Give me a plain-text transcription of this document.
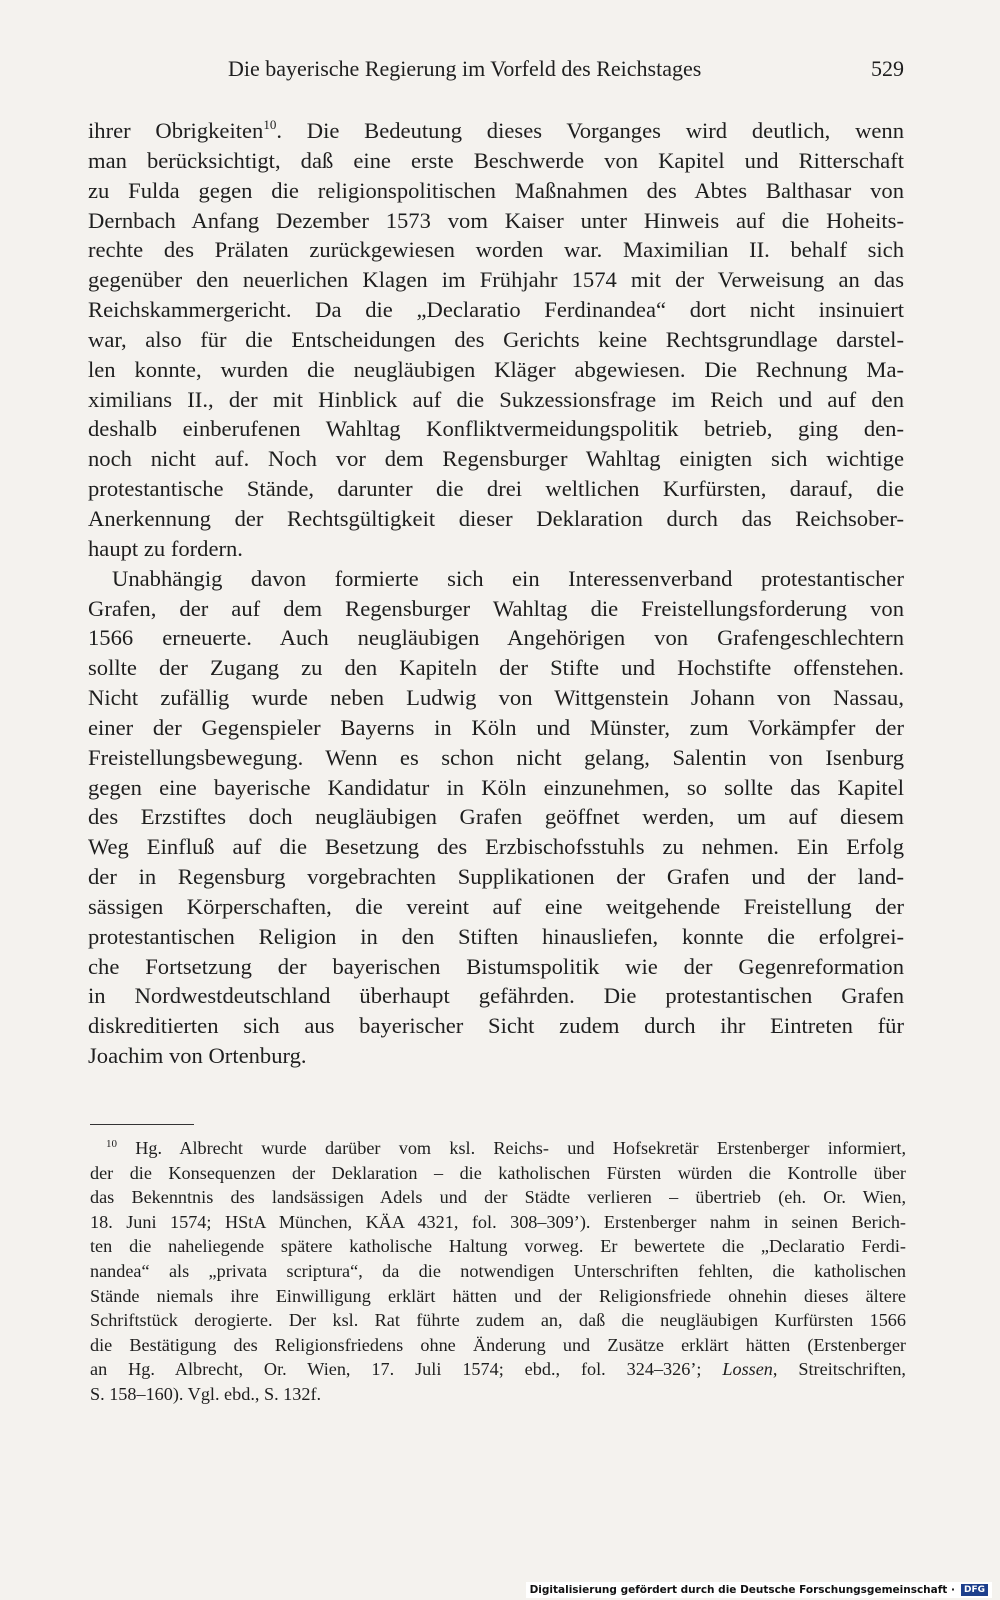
Die bayerische Regierung im Vorfeld des Reichstages	529

ihrer Obrigkeiten$^{10}$. Die Bedeutung dieses Vorganges wird deutlich, wenn
man berücksichtigt, daß eine erste Beschwerde von Kapitel und Ritterschaft
zu Fulda gegen die religionspolitischen Maßnahmen des Abtes Balthasar von
Dernbach Anfang Dezember 1573 vom Kaiser unter Hinweis auf die Hoheits-
rechte des Prälaten zurückgewiesen worden war. Maximilian II. behalf sich
gegenüber den neuerlichen Klagen im Frühjahr 1574 mit der Verweisung an das
Reichskammergericht. Da die „Declaratio Ferdinandea“ dort nicht insinuiert
war, also für die Entscheidungen des Gerichts keine Rechtsgrundlage darstel-
len konnte, wurden die neugläubigen Kläger abgewiesen. Die Rechnung Ma-
ximilians II., der mit Hinblick auf die Sukzessionsfrage im Reich und auf den
deshalb einberufenen Wahltag Konfliktvermeidungspolitik betrieb, ging den-
noch nicht auf. Noch vor dem Regensburger Wahltag einigten sich wichtige
protestantische Stände, darunter die drei weltlichen Kurfürsten, darauf, die
Anerkennung der Rechtsgültigkeit dieser Deklaration durch das Reichsober-
haupt zu fordern.

Unabhängig davon formierte sich ein Interessenverband protestantischer
Grafen, der auf dem Regensburger Wahltag die Freistellungsforderung von
1566 erneuerte. Auch neugläubigen Angehörigen von Grafengeschlechtern
sollte der Zugang zu den Kapiteln der Stifte und Hochstifte offenstehen.
Nicht zufällig wurde neben Ludwig von Wittgenstein Johann von Nassau,
einer der Gegenspieler Bayerns in Köln und Münster, zum Vorkämpfer der
Freistellungsbewegung. Wenn es schon nicht gelang, Salentin von Isenburg
gegen eine bayerische Kandidatur in Köln einzunehmen, so sollte das Kapitel
des Erzstiftes doch neugläubigen Grafen geöffnet werden, um auf diesem
Weg Einfluß auf die Besetzung des Erzbischofsstuhls zu nehmen. Ein Erfolg
der in Regensburg vorgebrachten Supplikationen der Grafen und der land-
sässigen Körperschaften, die vereint auf eine weitgehende Freistellung der
protestantischen Religion in den Stiften hinausliefen, konnte die erfolgrei-
che Fortsetzung der bayerischen Bistumspolitik wie der Gegenreformation
in Nordwestdeutschland überhaupt gefährden. Die protestantischen Grafen
diskreditierten sich aus bayerischer Sicht zudem durch ihr Eintreten für
Joachim von Ortenburg.

$^{10}$ Hg. Albrecht wurde darüber vom ksl. Reichs- und Hofsekretär Erstenberger informiert,
der die Konsequenzen der Deklaration – die katholischen Fürsten würden die Kontrolle über
das Bekenntnis des landsässigen Adels und der Städte verlieren – übertrieb (eh. Or. Wien,
18. Juni 1574; HStA München, KÄA 4321, fol. 308–309’). Erstenberger nahm in seinen Berich-
ten die naheliegende spätere katholische Haltung vorweg. Er bewertete die „Declaratio Ferdi-
nandea“ als „privata scriptura“, da die notwendigen Unterschriften fehlten, die katholischen
Stände niemals ihre Einwilligung erklärt hätten und der Religionsfriede ohnehin dieses ältere
Schriftstück derogierte. Der ksl. Rat führte zudem an, daß die neugläubigen Kurfürsten 1566
die Bestätigung des Religionsfriedens ohne Änderung und Zusätze erklärt hätten (Erstenberger
an Hg. Albrecht, Or. Wien, 17. Juli 1574; ebd., fol. 324–326’; Lossen, Streitschriften,
S. 158–160). Vgl. ebd., S. 132f.
Digitalisierung gefördert durch die Deutsche Forschungsgemeinschaft ·	DFG
